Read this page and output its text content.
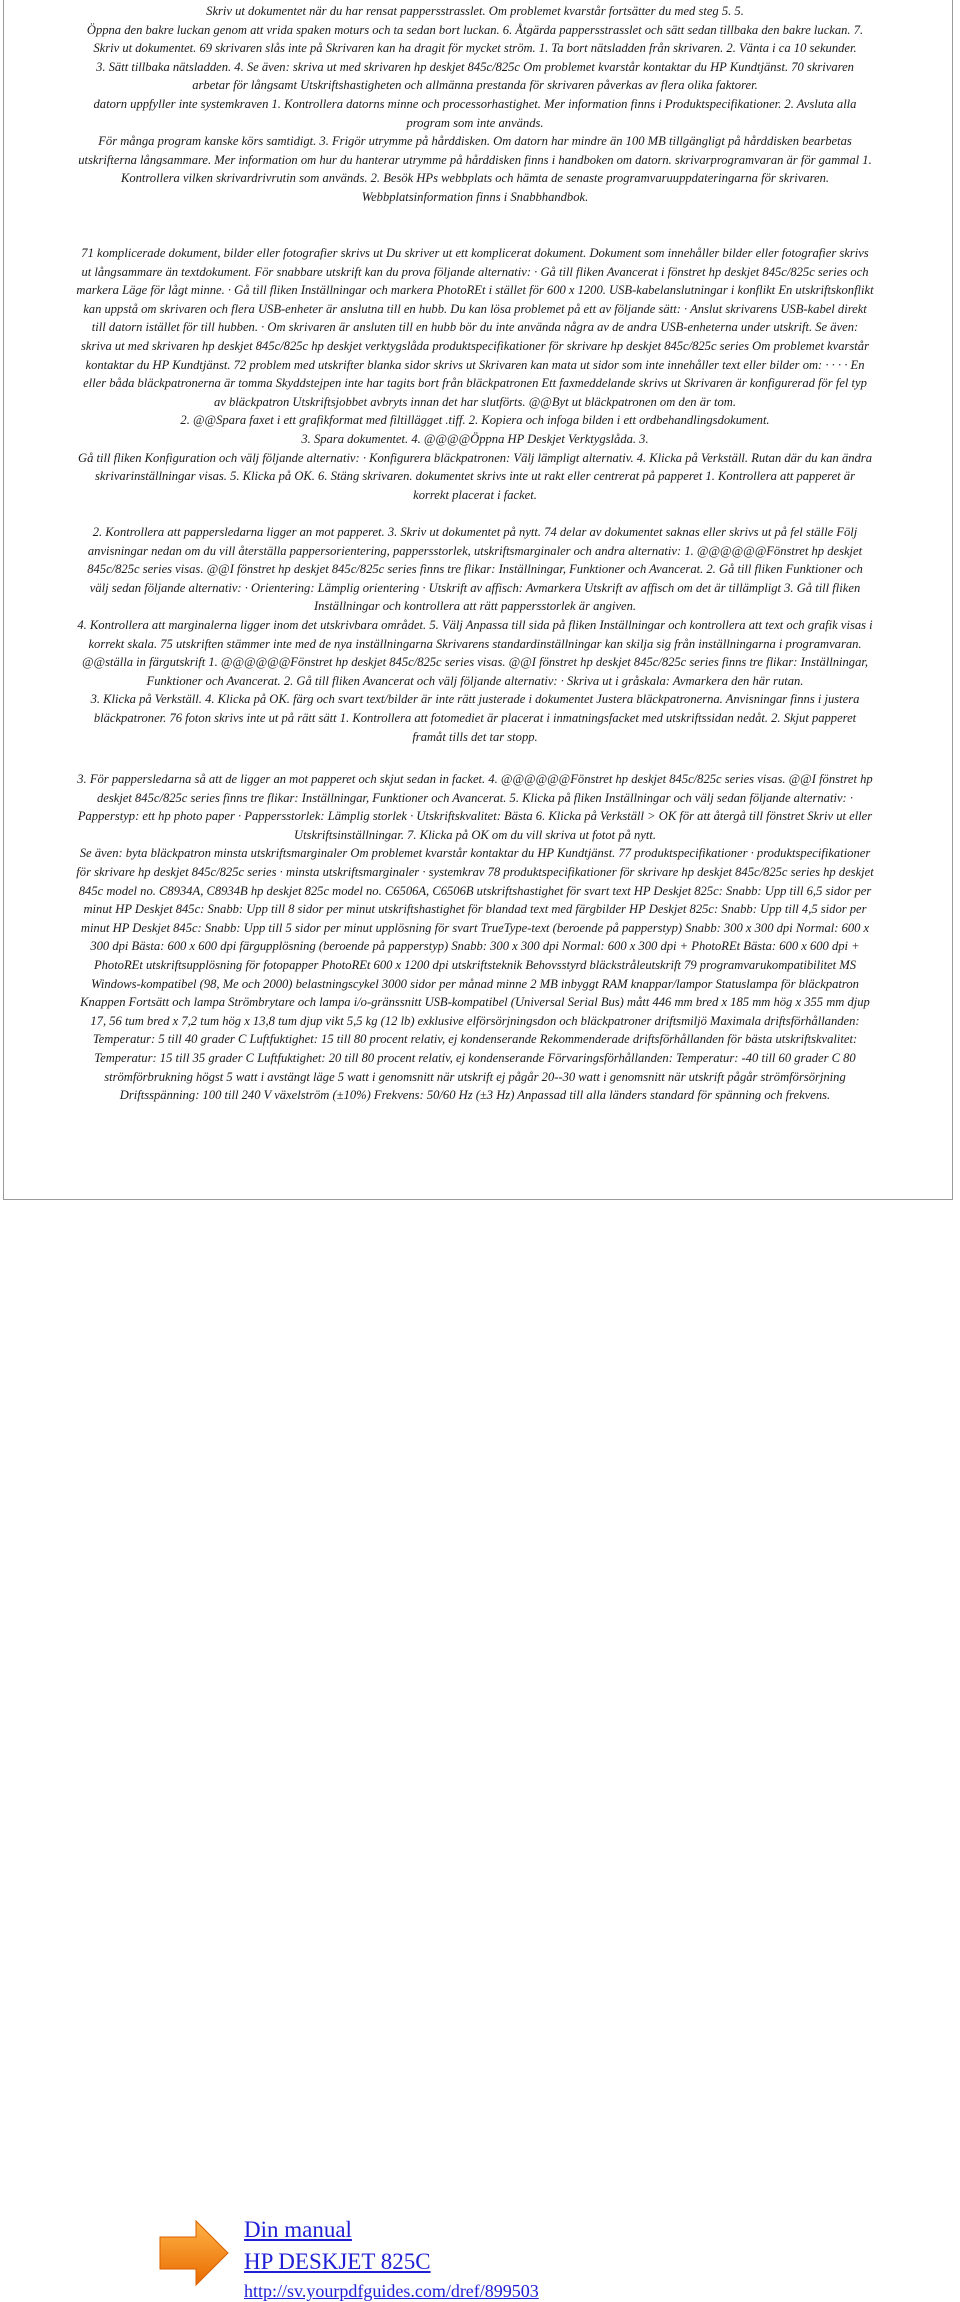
Skriv ut dokumentet när du har rensat pappersstrasslet. Om problemet kvarstår fortsätter du med steg 5. 5.
Öppna den bakre luckan genom att vrida spaken moturs och ta sedan bort luckan. 6. Åtgärda pappersstrasslet och sätt sedan tillbaka den bakre luckan. 7.
Skriv ut dokumentet. 69 skrivaren slås inte på Skrivaren kan ha dragit för mycket ström. 1. Ta bort nätsladden från skrivaren. 2. Vänta i ca 10 sekunder.
3. Sätt tillbaka nätsladden. 4. Se även: skriva ut med skrivaren hp deskjet 845c/825c Om problemet kvarstår kontaktar du HP Kundtjänst. 70 skrivaren
arbetar för långsamt Utskriftshastigheten och allmänna prestanda för skrivaren påverkas av flera olika faktorer.
datorn uppfyller inte systemkraven 1. Kontrollera datorns minne och processorhastighet. Mer information finns i Produktspecifikationer. 2. Avsluta alla
program som inte används.
För många program kanske körs samtidigt. 3. Frigör utrymme på hårddisken. Om datorn har mindre än 100 MB tillgängligt på hårddisken bearbetas
utskrifterna långsammare. Mer information om hur du hanterar utrymme på hårddisken finns i handboken om datorn. skrivarprogramvaran är för gammal 1.
Kontrollera vilken skrivardrivrutin som används. 2. Besök HPs webbplats och hämta de senaste programvaruuppdateringarna för skrivaren.
Webbplatsinformation finns i Snabbhandbok.
71 komplicerade dokument, bilder eller fotografier skrivs ut Du skriver ut ett komplicerat dokument. Dokument som innehåller bilder eller fotografier skrivs
ut långsammare än textdokument. För snabbare utskrift kan du prova följande alternativ: · Gå till fliken Avancerat i fönstret hp deskjet 845c/825c series och
markera Läge för lågt minne. · Gå till fliken Inställningar och markera PhotoREt i stället för 600 x 1200. USB-kabelanslutningar i konflikt En utskriftskonflikt
kan uppstå om skrivaren och flera USB-enheter är anslutna till en hubb. Du kan lösa problemet på ett av följande sätt: · Anslut skrivarens USB-kabel direkt
till datorn istället för till hubben. · Om skrivaren är ansluten till en hubb bör du inte använda några av de andra USB-enheterna under utskrift. Se även:
skriva ut med skrivaren hp deskjet 845c/825c hp deskjet verktygslåda produktspecifikationer för skrivare hp deskjet 845c/825c series Om problemet kvarstår
kontaktar du HP Kundtjänst. 72 problem med utskrifter blanka sidor skrivs ut Skrivaren kan mata ut sidor som inte innehåller text eller bilder om: · · · · En
eller båda bläckpatronerna är tomma Skyddstejpen inte har tagits bort från bläckpatronen Ett faxmeddelande skrivs ut Skrivaren är konfigurerad för fel typ
av bläckpatron Utskriftsjobbet avbryts innan det har slutförts. @@Byt ut bläckpatronen om den är tom.
2. @@Spara faxet i ett grafikformat med filtillägget .tiff. 2. Kopiera och infoga bilden i ett ordbehandlingsdokument.
3. Spara dokumentet. 4. @@@@Öppna HP Deskjet Verktygslåda. 3.
Gå till fliken Konfiguration och välj följande alternativ: · Konfigurera bläckpatronen: Välj lämpligt alternativ. 4. Klicka på Verkställ. Rutan där du kan ändra
skrivarinställningar visas. 5. Klicka på OK. 6. Stäng skrivaren. dokumentet skrivs inte ut rakt eller centrerat på papperet 1. Kontrollera att papperet är
korrekt placerat i facket.
2. Kontrollera att pappersledarna ligger an mot papperet. 3. Skriv ut dokumentet på nytt. 74 delar av dokumentet saknas eller skrivs ut på fel ställe Följ
anvisningar nedan om du vill återställa pappersorientering, pappersstorlek, utskriftsmarginaler och andra alternativ: 1. @@@@@@Fönstret hp deskjet
845c/825c series visas. @@I fönstret hp deskjet 845c/825c series finns tre flikar: Inställningar, Funktioner och Avancerat. 2. Gå till fliken Funktioner och
välj sedan följande alternativ: · Orientering: Lämplig orientering · Utskrift av affisch: Avmarkera Utskrift av affisch om det är tillämpligt 3. Gå till fliken
Inställningar och kontrollera att rätt pappersstorlek är angiven.
4. Kontrollera att marginalerna ligger inom det utskrivbara området. 5. Välj Anpassa till sida på fliken Inställningar och kontrollera att text och grafik visas i
korrekt skala. 75 utskriften stämmer inte med de nya inställningarna Skrivarens standardinställningar kan skilja sig från inställningarna i programvaran.
@@ställa in färgutskrift 1. @@@@@@Fönstret hp deskjet 845c/825c series visas. @@I fönstret hp deskjet 845c/825c series finns tre flikar: Inställningar,
Funktioner och Avancerat. 2. Gå till fliken Avancerat och välj följande alternativ: · Skriva ut i gråskala: Avmarkera den här rutan.
3. Klicka på Verkställ. 4. Klicka på OK. färg och svart text/bilder är inte rätt justerade i dokumentet Justera bläckpatronerna. Anvisningar finns i justera
bläckpatroner. 76 foton skrivs inte ut på rätt sätt 1. Kontrollera att fotomediet är placerat i inmatningsfacket med utskriftssidan nedåt. 2. Skjut papperet
framåt tills det tar stopp.
3. För pappersledarna så att de ligger an mot papperet och skjut sedan in facket. 4. @@@@@@Fönstret hp deskjet 845c/825c series visas. @@I fönstret hp
deskjet 845c/825c series finns tre flikar: Inställningar, Funktioner och Avancerat. 5. Klicka på fliken Inställningar och välj sedan följande alternativ: ·
Papperstyp: ett hp photo paper · Pappersstorlek: Lämplig storlek · Utskriftskvalitet: Bästa 6. Klicka på Verkställ > OK för att återgå till fönstret Skriv ut eller
Utskriftsinställningar. 7. Klicka på OK om du vill skriva ut fotot på nytt.
Se även: byta bläckpatron minsta utskriftsmarginaler Om problemet kvarstår kontaktar du HP Kundtjänst. 77 produktspecifikationer · produktspecifikationer
för skrivare hp deskjet 845c/825c series · minsta utskriftsmarginaler · systemkrav 78 produktspecifikationer för skrivare hp deskjet 845c/825c series hp deskjet
845c model no. C8934A, C8934B hp deskjet 825c model no. C6506A, C6506B utskriftshastighet för svart text HP Deskjet 825c: Snabb: Upp till 6,5 sidor per
minut HP Deskjet 845c: Snabb: Upp till 8 sidor per minut utskriftshastighet för blandad text med färgbilder HP Deskjet 825c: Snabb: Upp till 4,5 sidor per
minut HP Deskjet 845c: Snabb: Upp till 5 sidor per minut upplösning för svart TrueType-text (beroende på papperstyp) Snabb: 300 x 300 dpi Normal: 600 x
300 dpi Bästa: 600 x 600 dpi färgupplösning (beroende på papperstyp) Snabb: 300 x 300 dpi Normal: 600 x 300 dpi + PhotoREt Bästa: 600 x 600 dpi +
PhotoREt utskriftsupplösning för fotopapper PhotoREt 600 x 1200 dpi utskriftsteknik Behovsstyrd bläckstråleutskrift 79 programvarukompatibilitet MS
Windows-kompatibel (98, Me och 2000) belastningscykel 3000 sidor per månad minne 2 MB inbyggt RAM knappar/lampor Statuslampa för bläckpatron
Knappen Fortsätt och lampa Strömbrytare och lampa i/o-gränssnitt USB-kompatibel (Universal Serial Bus) mått 446 mm bred x 185 mm hög x 355 mm djup
17, 56 tum bred x 7,2 tum hög x 13,8 tum djup vikt 5,5 kg (12 lb) exklusive elförsörjningsdon och bläckpatroner driftsmiljö Maximala driftsförhållanden:
Temperatur: 5 till 40 grader C Luftfuktighet: 15 till 80 procent relativ, ej kondenserande Rekommenderade driftsförhållanden för bästa utskriftskvalitet:
Temperatur: 15 till 35 grader C Luftfuktighet: 20 till 80 procent relativ, ej kondenserande Förvaringsförhållanden: Temperatur: -40 till 60 grader C 80
strömförbrukning högst 5 watt i avstängt läge 5 watt i genomsnitt när utskrift ej pågår 20--30 watt i genomsnitt när utskrift pågår strömförsörjning
Driftsspänning: 100 till 240 V växelström (±10%) Frekvens: 50/60 Hz (±3 Hz) Anpassad till alla länders standard för spänning och frekvens.
Din manual
HP DESKJET 825C
http://sv.yourpdfguides.com/dref/899503
